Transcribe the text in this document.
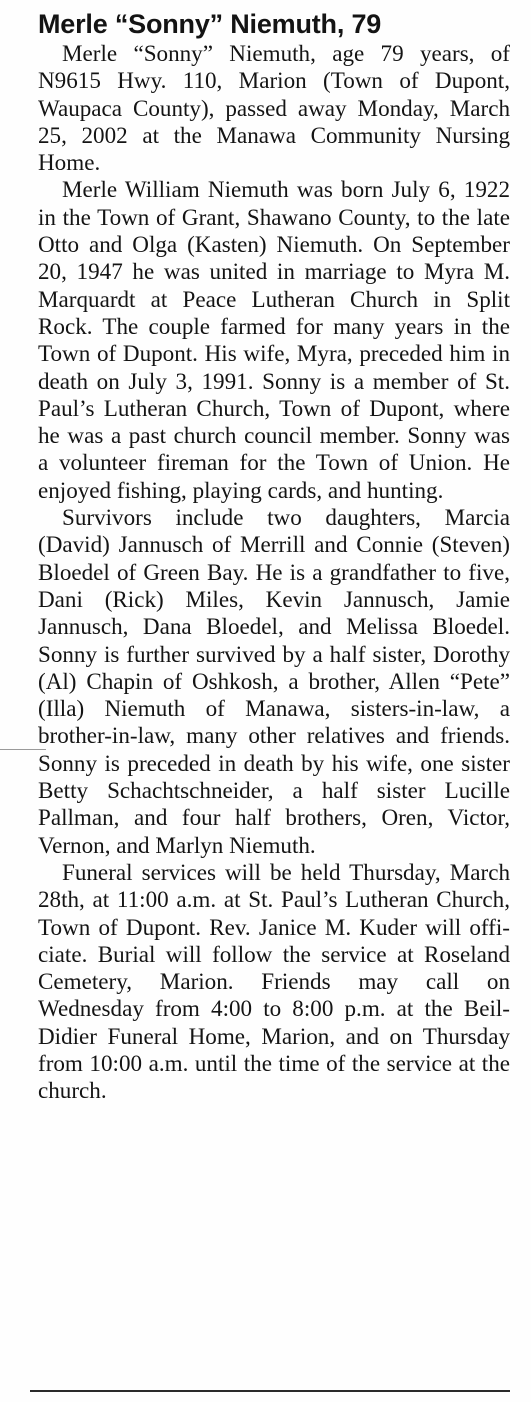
Merle “Sonny” Niemuth, 79

Merle “Sonny” Niemuth, age 79 years, of N9615 Hwy. 110, Marion (Town of Dupont, Waupaca County), passed away Monday, March 25, 2002 at the Manawa Community Nursing Home.

Merle William Niemuth was born July 6, 1922 in the Town of Grant, Shawano County, to the late Otto and Olga (Kasten) Niemuth. On September 20, 1947 he was united in marriage to Myra M. Marquardt at Peace Lutheran Church in Split Rock. The couple farmed for many years in the Town of Dupont. His wife, Myra, preceded him in death on July 3, 1991. Sonny is a member of St. Paul’s Lutheran Church, Town of Dupont, where he was a past church council member. Sonny was a volunteer fireman for the Town of Union. He enjoyed fishing, playing cards, and hunting.

Survivors include two daughters, Marcia (David) Jannusch of Merrill and Connie (Steven) Bloedel of Green Bay. He is a grandfather to five, Dani (Rick) Miles, Kevin Jannusch, Jamie Jannusch, Dana Bloedel, and Melissa Bloedel. Sonny is further survived by a half sister, Dorothy (Al) Chapin of Oshkosh, a brother, Allen “Pete” (Illa) Niemuth of Manawa, sisters-in-law, a brother-in-law, many other relatives and friends. Sonny is preceded in death by his wife, one sister Betty Schachtschneider, a half sister Lucille Pallman, and four half brothers, Oren, Victor, Vernon, and Marlyn Niemuth.

Funeral services will be held Thursday, March 28th, at 11:00 a.m. at St. Paul’s Lutheran Church, Town of Dupont. Rev. Janice M. Kuder will officiate. Burial will follow the service at Roseland Cemetery, Marion. Friends may call on Wednesday from 4:00 to 8:00 p.m. at the Beil-Didier Funeral Home, Marion, and on Thursday from 10:00 a.m. until the time of the service at the church.
